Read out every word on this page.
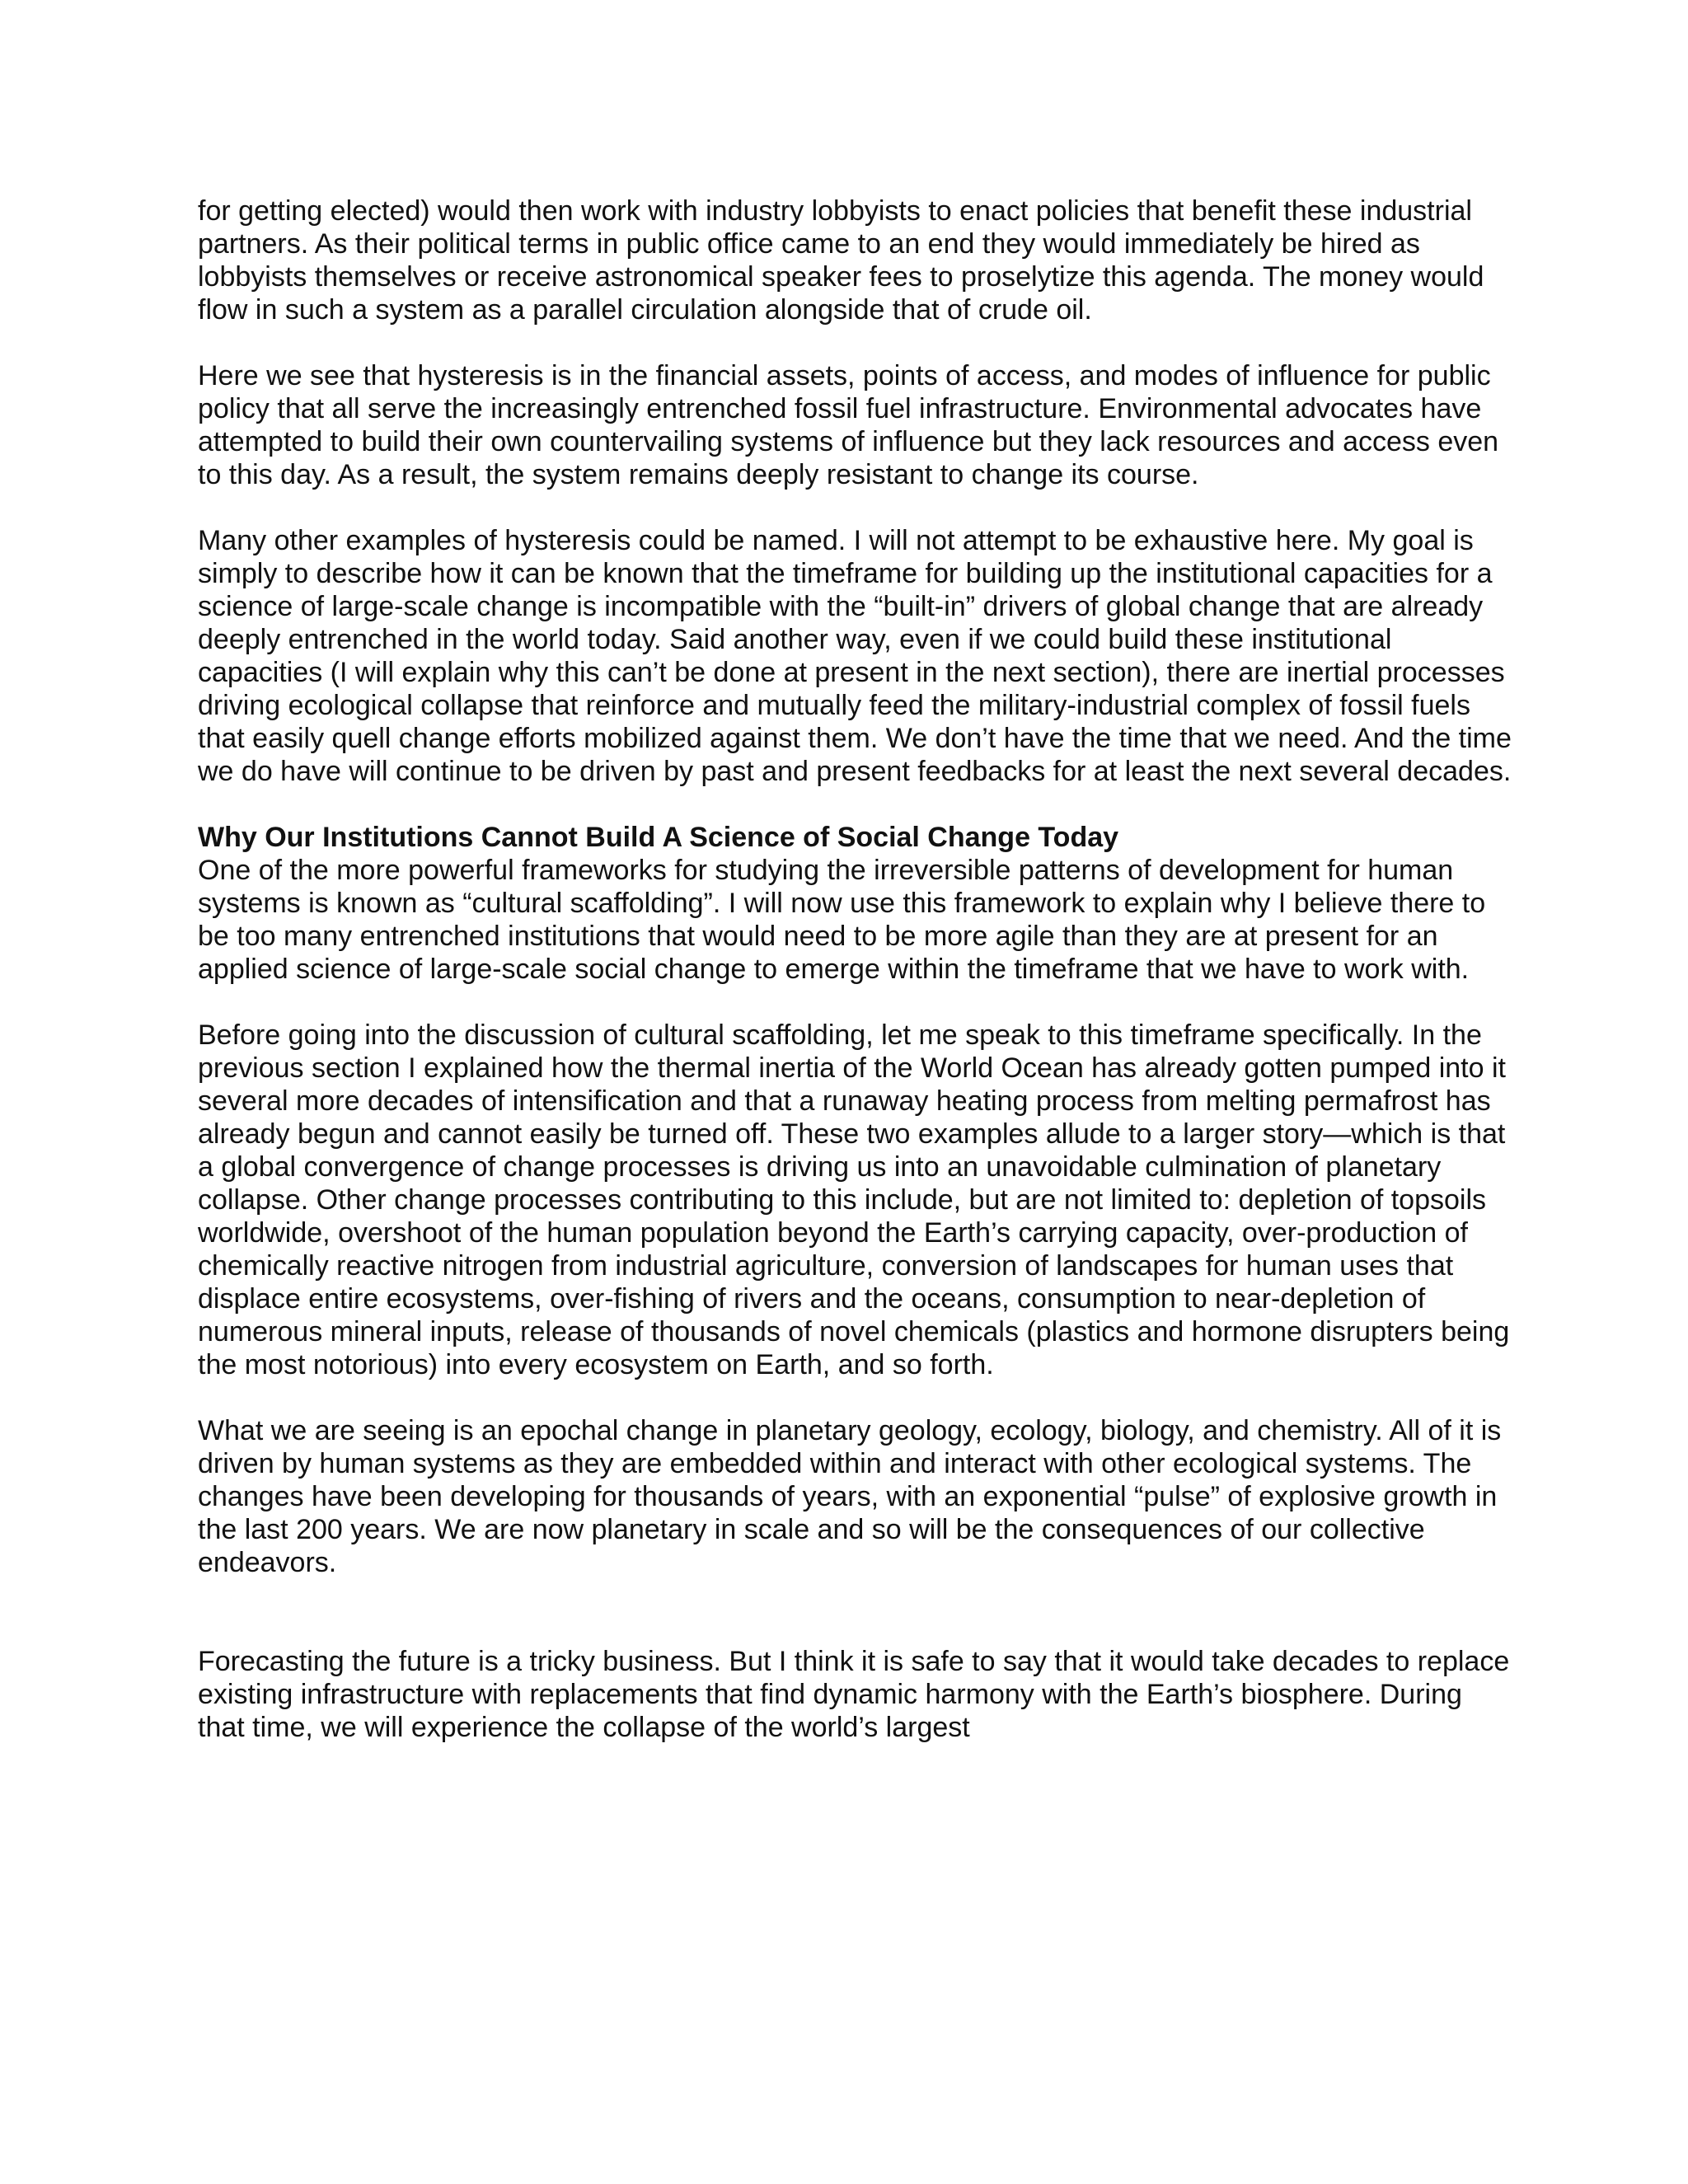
for getting elected) would then work with industry lobbyists to enact policies that benefit these industrial partners. As their political terms in public office came to an end they would immediately be hired as lobbyists themselves or receive astronomical speaker fees to proselytize this agenda. The money would flow in such a system as a parallel circulation alongside that of crude oil.

Here we see that hysteresis is in the financial assets, points of access, and modes of influence for public policy that all serve the increasingly entrenched fossil fuel infrastructure. Environmental advocates have attempted to build their own countervailing systems of influence but they lack resources and access even to this day. As a result, the system remains deeply resistant to change its course.

Many other examples of hysteresis could be named. I will not attempt to be exhaustive here. My goal is simply to describe how it can be known that the timeframe for building up the institutional capacities for a science of large-scale change is incompatible with the “built-in” drivers of global change that are already deeply entrenched in the world today. Said another way, even if we could build these institutional capacities (I will explain why this can’t be done at present in the next section), there are inertial processes driving ecological collapse that reinforce and mutually feed the military-industrial complex of fossil fuels that easily quell change efforts mobilized against them. We don’t have the time that we need. And the time we do have will continue to be driven by past and present feedbacks for at least the next several decades.

Why Our Institutions Cannot Build A Science of Social Change Today

One of the more powerful frameworks for studying the irreversible patterns of development for human systems is known as “cultural scaffolding”. I will now use this framework to explain why I believe there to be too many entrenched institutions that would need to be more agile than they are at present for an applied science of large-scale social change to emerge within the timeframe that we have to work with.

Before going into the discussion of cultural scaffolding, let me speak to this timeframe specifically. In the previous section I explained how the thermal inertia of the World Ocean has already gotten pumped into it several more decades of intensification and that a runaway heating process from melting permafrost has already begun and cannot easily be turned off. These two examples allude to a larger story—which is that a global convergence of change processes is driving us into an unavoidable culmination of planetary collapse. Other change processes contributing to this include, but are not limited to: depletion of topsoils worldwide, overshoot of the human population beyond the Earth’s carrying capacity, over-production of chemically reactive nitrogen from industrial agriculture, conversion of landscapes for human uses that displace entire ecosystems, over-fishing of rivers and the oceans, consumption to near-depletion of numerous mineral inputs, release of thousands of novel chemicals (plastics and hormone disrupters being the most notorious) into every ecosystem on Earth, and so forth.

What we are seeing is an epochal change in planetary geology, ecology, biology, and chemistry. All of it is driven by human systems as they are embedded within and interact with other ecological systems. The changes have been developing for thousands of years, with an exponential “pulse” of explosive growth in the last 200 years. We are now planetary in scale and so will be the consequences of our collective endeavors.

Forecasting the future is a tricky business. But I think it is safe to say that it would take decades to replace existing infrastructure with replacements that find dynamic harmony with the Earth’s biosphere. During that time, we will experience the collapse of the world’s largest
